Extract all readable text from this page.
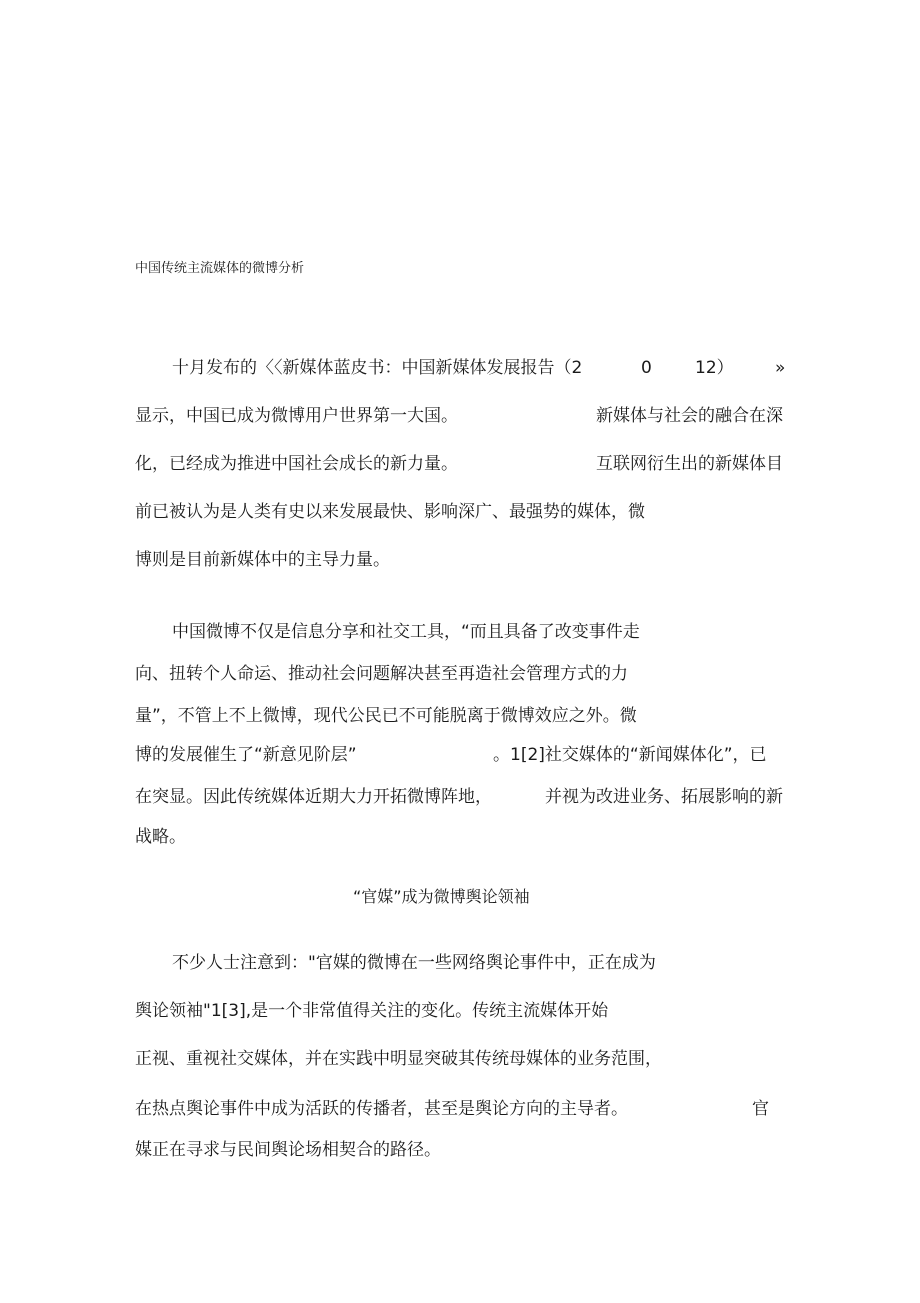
中国传统主流媒体的微博分析
十月发布的〈〈新媒体蓝皮书：中国新媒体发展报告（2	0	12） »
显示，中国已成为微博用户世界第一大国。	新媒体与社会的融合在深
化，已经成为推进中国社会成长的新力量。	互联网衍生出的新媒体目
前已被认为是人类有史以来发展最快、影响深广、最强势的媒体，微
博则是目前新媒体中的主导力量。
中国微博不仅是信息分享和社交工具，“而且具备了改变事件走
向、扭转个人命运、推动社会问题解决甚至再造社会管理方式的力
量”，不管上不上微博，现代公民已不可能脱离于微博效应之外。微
博的发展催生了“新意见阶层”	。1[2]社交媒体的“新闻媒体化”，已
在突显。因此传统媒体近期大力开拓微博阵地，	并视为改进业务、拓展影响的新
战略。
“官媒”成为微博舆论领袖
不少人士注意到："官媒的微博在一些网络舆论事件中，正在成为
舆论领袖"1[3],是一个非常值得关注的变化。传统主流媒体开始
正视、重视社交媒体，并在实践中明显突破其传统母媒体的业务范围，
在热点舆论事件中成为活跃的传播者，甚至是舆论方向的主导者。	官
媒正在寻求与民间舆论场相契合的路径。
